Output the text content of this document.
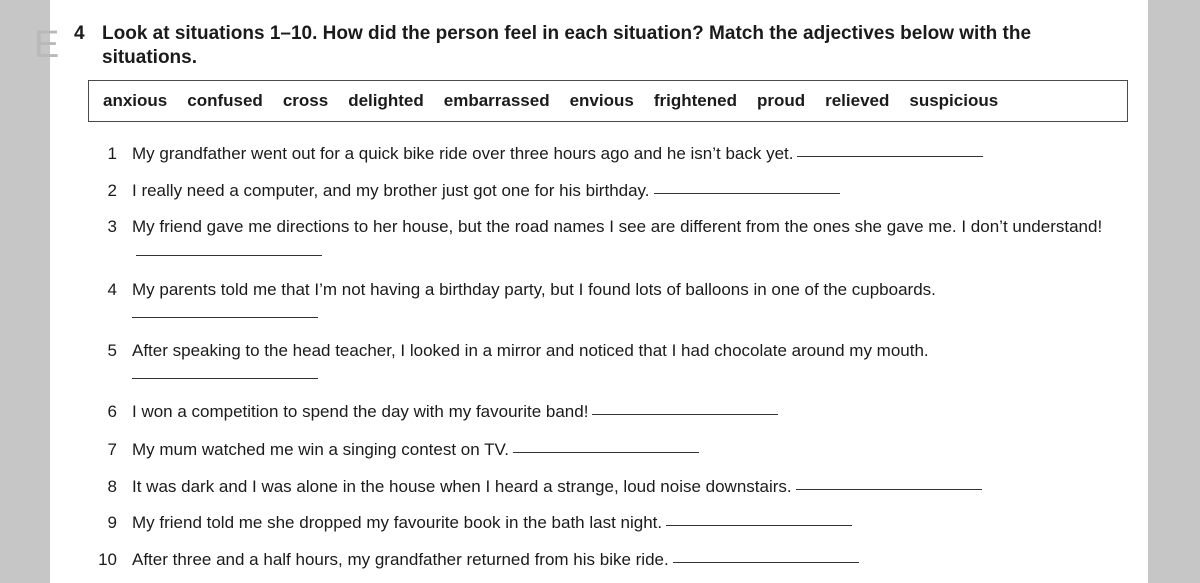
E 4 Look at situations 1–10. How did the person feel in each situation? Match the adjectives below with the situations.
anxious confused cross delighted embarrassed envious frightened proud relieved suspicious
1 My grandfather went out for a quick bike ride over three hours ago and he isn’t back yet.
2 I really need a computer, and my brother just got one for his birthday.
3 My friend gave me directions to her house, but the road names I see are different from the ones she gave me. I don’t understand!
4 My parents told me that I’m not having a birthday party, but I found lots of balloons in one of the cupboards.
5 After speaking to the head teacher, I looked in a mirror and noticed that I had chocolate around my mouth.
6 I won a competition to spend the day with my favourite band!
7 My mum watched me win a singing contest on TV.
8 It was dark and I was alone in the house when I heard a strange, loud noise downstairs.
9 My friend told me she dropped my favourite book in the bath last night.
10 After three and a half hours, my grandfather returned from his bike ride.
